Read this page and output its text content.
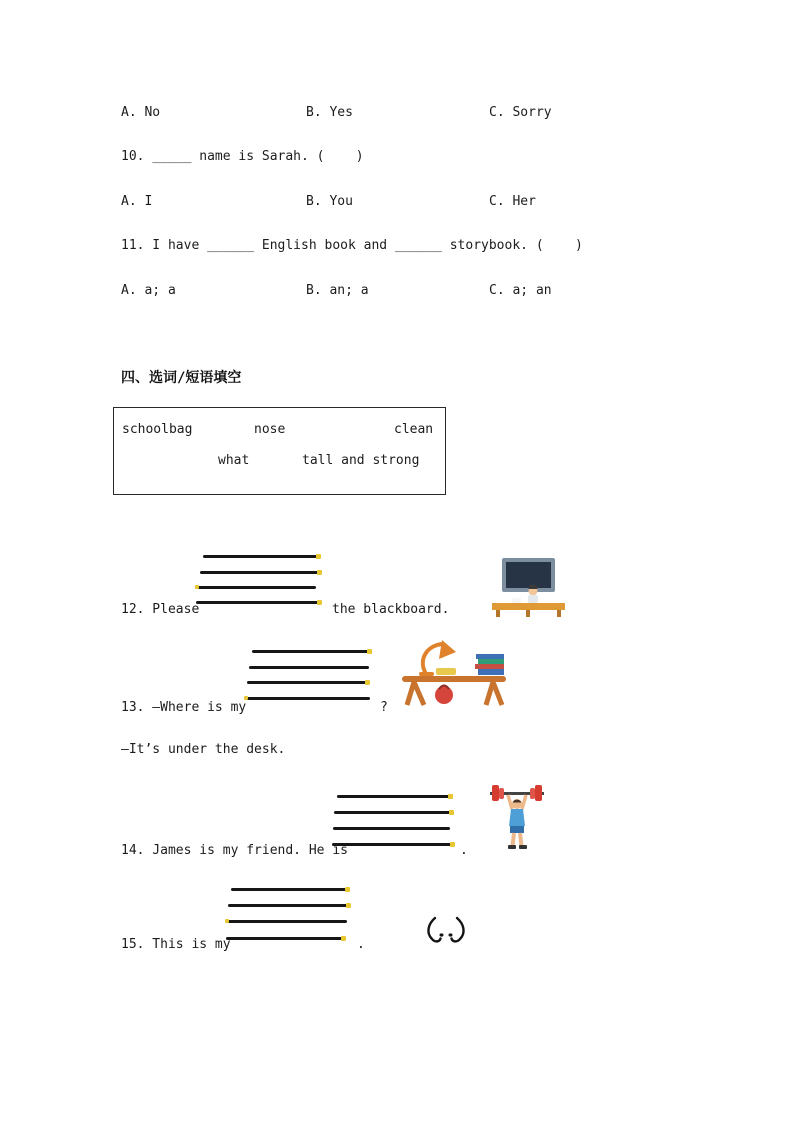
A. No	B. Yes	C. Sorry
10. _____ name is Sarah. (    )
A. I	B. You	C. Her
11. I have ______ English book and ______ storybook. (    )
A. a; a	B. an; a	C. a; an
四、选词/短语填空
schoolbag	nose	clean
what	tall and strong
12. Please	the blackboard.
13. —Where is my	?
—It’s under the desk.
14. James is my friend. He is	.
15. This is my	.
